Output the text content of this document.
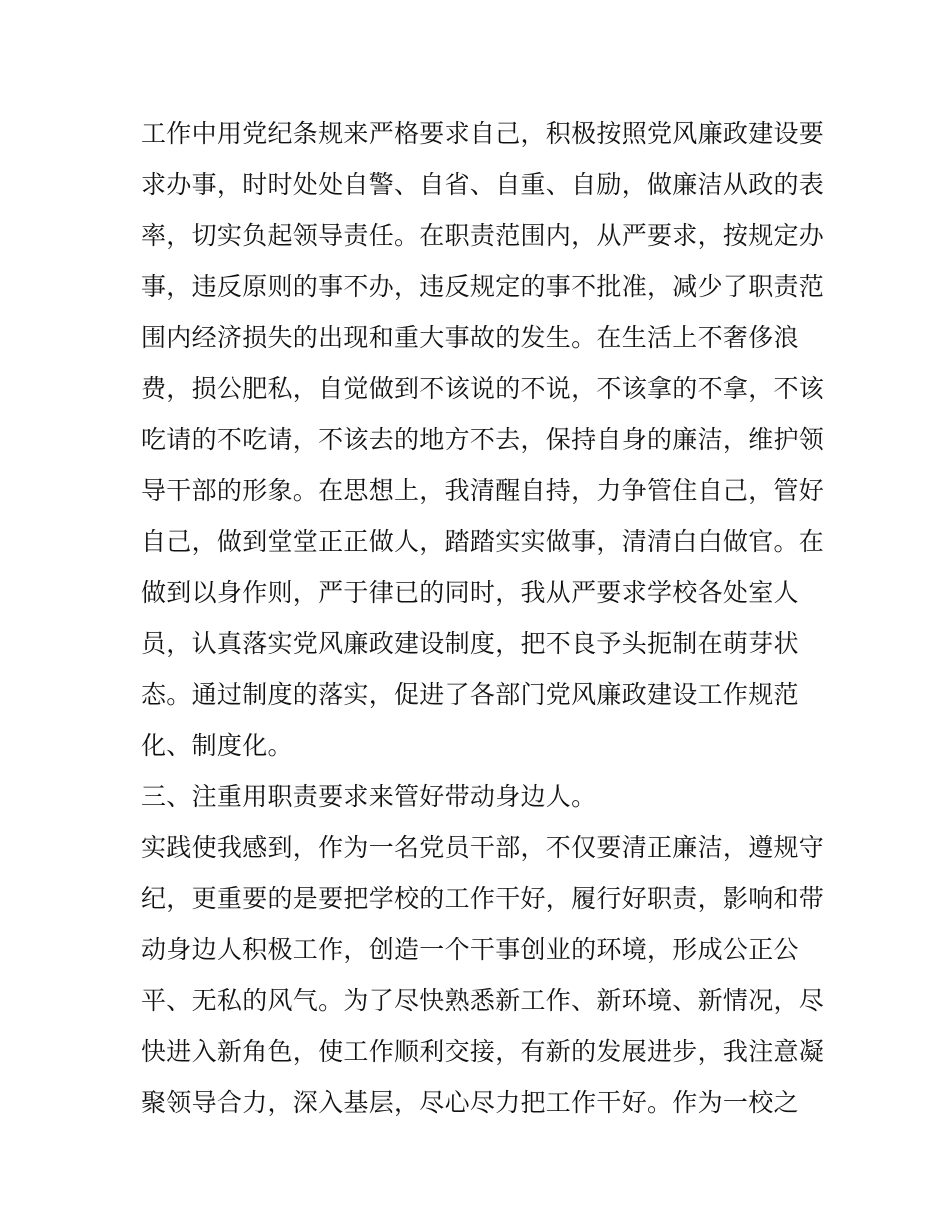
工作中用党纪条规来严格要求自己，积极按照党风廉政建设要
求办事，时时处处自警、自省、自重、自励，做廉洁从政的表
率，切实负起领导责任。在职责范围内，从严要求，按规定办
事，违反原则的事不办，违反规定的事不批准，减少了职责范
围内经济损失的出现和重大事故的发生。在生活上不奢侈浪
费，损公肥私，自觉做到不该说的不说，不该拿的不拿，不该
吃请的不吃请，不该去的地方不去，保持自身的廉洁，维护领
导干部的形象。在思想上，我清醒自持，力争管住自己，管好
自己，做到堂堂正正做人，踏踏实实做事，清清白白做官。在
做到以身作则，严于律已的同时，我从严要求学校各处室人
员，认真落实党风廉政建设制度，把不良予头扼制在萌芽状
态。通过制度的落实，促进了各部门党风廉政建设工作规范
化、制度化。
三、注重用职责要求来管好带动身边人。
实践使我感到，作为一名党员干部，不仅要清正廉洁，遵规守
纪，更重要的是要把学校的工作干好，履行好职责，影响和带
动身边人积极工作，创造一个干事创业的环境，形成公正公
平、无私的风气。为了尽快熟悉新工作、新环境、新情况，尽
快进入新角色，使工作顺利交接，有新的发展进步，我注意凝
聚领导合力，深入基层，尽心尽力把工作干好。作为一校之
